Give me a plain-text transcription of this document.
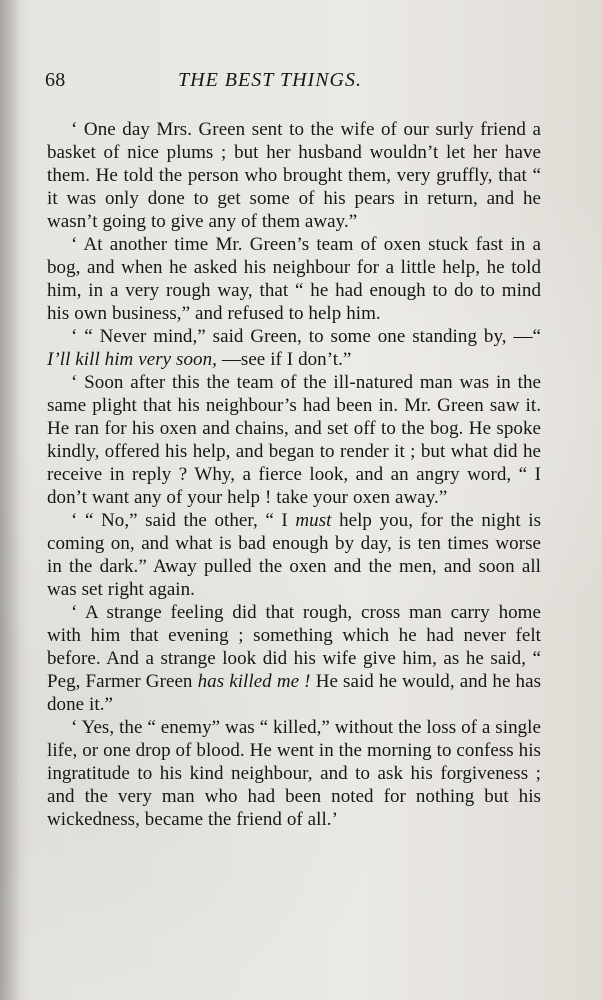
68	THE BEST THINGS.

‘ One day Mrs. Green sent to the wife of our surly friend a basket of nice plums ; but her husband wouldn’t let her have them. He told the person who brought them, very gruffly, that “ it was only done to get some of his pears in return, and he wasn’t going to give any of them away.”

‘ At another time Mr. Green’s team of oxen stuck fast in a bog, and when he asked his neighbour for a little help, he told him, in a very rough way, that “ he had enough to do to mind his own business,” and refused to help him.

‘ “ Never mind,” said Green, to some one standing by, —“ I’ll kill him very soon, —see if I don’t.”

‘ Soon after this the team of the ill-natured man was in the same plight that his neighbour’s had been in. Mr. Green saw it. He ran for his oxen and chains, and set off to the bog. He spoke kindly, offered his help, and began to render it ; but what did he receive in reply ? Why, a fierce look, and an angry word, “ I don’t want any of your help ! take your oxen away.”

‘ “ No,” said the other, “ I must help you, for the night is coming on, and what is bad enough by day, is ten times worse in the dark.” Away pulled the oxen and the men, and soon all was set right again.

‘ A strange feeling did that rough, cross man carry home with him that evening ; something which he had never felt before. And a strange look did his wife give him, as he said, “ Peg, Farmer Green has killed me ! He said he would, and he has done it.”

‘ Yes, the “ enemy” was “ killed,” without the loss of a single life, or one drop of blood. He went in the morning to confess his ingratitude to his kind neighbour, and to ask his forgiveness ; and the very man who had been noted for nothing but his wickedness, became the friend of all.’
